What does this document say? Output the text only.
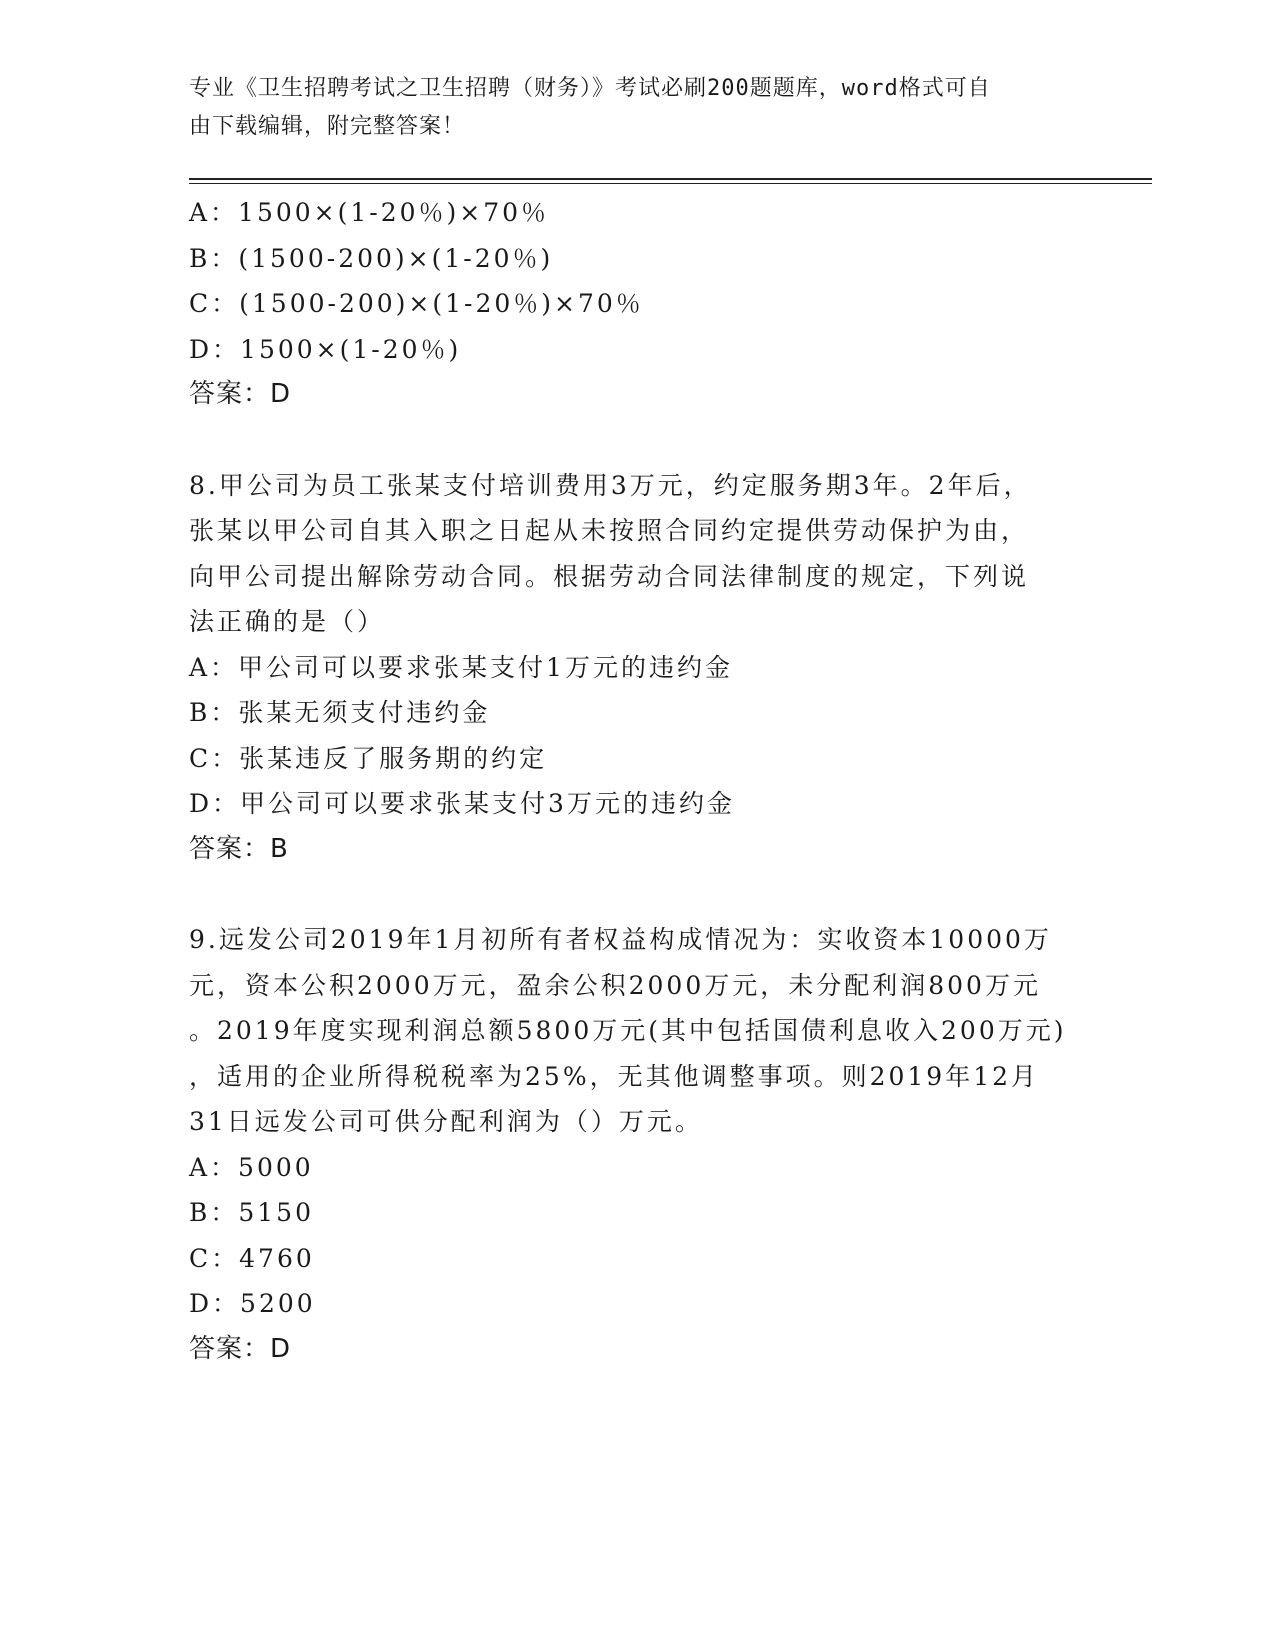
专业《卫生招聘考试之卫生招聘（财务）》考试必刷200题题库，word格式可自
由下载编辑，附完整答案！
A：1500×(1-20％)×70％
B：(1500-200)×(1-20％)
C：(1500-200)×(1-20％)×70％
D：1500×(1-20％)
答案：D
8.甲公司为员工张某支付培训费用3万元，约定服务期3年。2年后，
张某以甲公司自其入职之日起从未按照合同约定提供劳动保护为由，
向甲公司提出解除劳动合同。根据劳动合同法律制度的规定，下列说
法正确的是（）
A：甲公司可以要求张某支付1万元的违约金
B：张某无须支付违约金
C：张某违反了服务期的约定
D：甲公司可以要求张某支付3万元的违约金
答案：B
9.远发公司2019年1月初所有者权益构成情况为：实收资本10000万
元，资本公积2000万元，盈余公积2000万元，未分配利润800万元
。2019年度实现利润总额5800万元(其中包括国债利息收入200万元)
，适用的企业所得税税率为25%，无其他调整事项。则2019年12月
31日远发公司可供分配利润为（）万元。
A：5000
B：5150
C：4760
D：5200
答案：D
